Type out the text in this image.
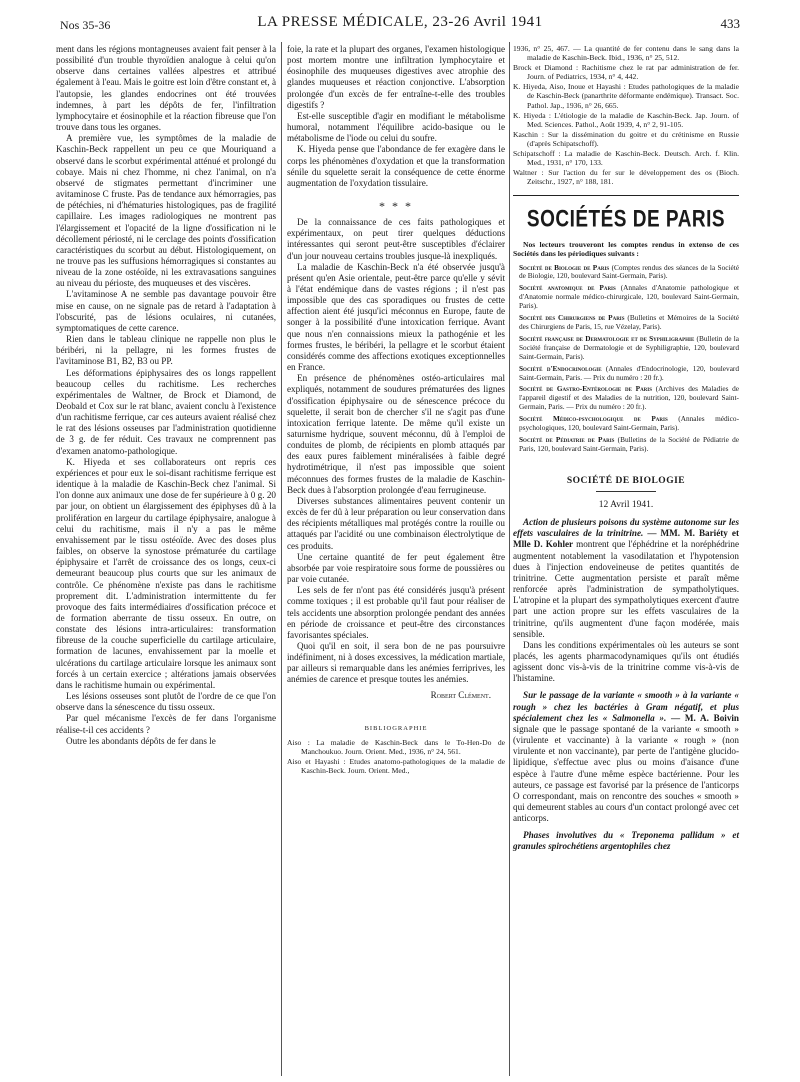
Nos 35-36	LA PRESSE MÉDICALE, 23-26 Avril 1941	433

ment dans les régions montagneuses avaient fait penser à la possibilité d'un trouble thyroïdien analogue à celui qu'on observe dans certaines vallées alpestres et attribué également à l'eau. Mais le goitre est loin d'être constant et, à l'autopsie, les glandes endocrines ont été trouvées indemnes, à part les dépôts de fer, l'infiltration lymphocytaire et éosinophile et la réaction fibreuse que l'on trouve dans tous les organes.

A première vue, les symptômes de la maladie de Kaschin-Beck rappellent un peu ce que Mouriquand a observé dans le scorbut expérimental atténué et prolongé du cobaye. Mais ni chez l'homme, ni chez l'animal, on n'a observé de stigmates permettant d'incriminer une avitaminose C fruste. Pas de tendance aux hémorragies, pas de pétéchies, ni d'hématuries histologiques, pas de fragilité capillaire. Les images radiologiques ne montrent pas l'élargissement et l'opacité de la ligne d'ossification ni le décollement périosté, ni le cerclage des points d'ossification caractéristiques du scorbut au début. Histologiquement, on ne trouve pas les suffusions hémorragiques si constantes au niveau de la zone ostéoïde, ni les extravasations sanguines au niveau du périoste, des muqueuses et des viscères.

L'avitaminose A ne semble pas davantage pouvoir être mise en cause, on ne signale pas de retard à l'adaptation à l'obscurité, pas de lésions oculaires, ni cutanées, symptomatiques de cette carence.

Rien dans le tableau clinique ne rappelle non plus le béribéri, ni la pellagre, ni les formes frustes de l'avitaminose B1, B2, B3 ou PP.

Les déformations épiphysaires des os longs rappellent beaucoup celles du rachitisme. Les recherches expérimentales de Waltner, de Brock et Diamond, de Deobald et Cox sur le rat blanc, avaient conclu à l'existence d'un rachitisme ferrique, car ces auteurs avaient réalisé chez le rat des lésions osseuses par l'administration quotidienne de 3 g. de fer réduit. Ces travaux ne comprennent pas d'examen anatomo-pathologique.

K. Hiyeda et ses collaborateurs ont repris ces expériences et pour eux le soi-disant rachitisme ferrique est identique à la maladie de Kaschin-Beck chez l'animal. Si l'on donne aux animaux une dose de fer supérieure à 0 g. 20 par jour, on obtient un élargissement des épiphyses dû à la prolifération en largeur du cartilage épiphysaire, analogue à celui du rachitisme, mais il n'y a pas le même envahissement par le tissu ostéoïde. Avec des doses plus faibles, on observe la synostose prématurée du cartilage épiphysaire et l'arrêt de croissance des os longs, ceux-ci demeurant beaucoup plus courts que sur les animaux de contrôle. Ce phénomène n'existe pas dans le rachitisme proprement dit. L'administration intermittente du fer provoque des faits intermédiaires d'ossification précoce et de formation aberrante de tissu osseux. En outre, on constate des lésions intra-articulaires: transformation fibreuse de la couche superficielle du cartilage articulaire, formation de lacunes, envahissement par la moelle et ulcérations du cartilage articulaire lorsque les animaux sont forcés à un certain exercice ; altérations jamais observées dans le rachitisme humain ou expérimental.

Les lésions osseuses sont plutôt de l'ordre de ce que l'on observe dans la sénescence du tissu osseux.

Par quel mécanisme l'excès de fer dans l'organisme réalise-t-il ces accidents ?

Outre les abondants dépôts de fer dans le

foie, la rate et la plupart des organes, l'examen histologique post mortem montre une infiltration lymphocytaire et éosinophile des muqueuses digestives avec atrophie des glandes muqueuses et réaction conjonctive. L'absorption prolongée d'un excès de fer entraîne-t-elle des troubles digestifs ?

Est-elle susceptible d'agir en modifiant le métabolisme humoral, notamment l'équilibre acido-basique ou le métabolisme de l'iode ou celui du soufre.

K. Hiyeda pense que l'abondance de fer exagère dans le corps les phénomènes d'oxydation et que la transformation sénile du squelette serait la conséquence de cette énorme augmentation de l'oxydation tissulaire.

* * *

De la connaissance de ces faits pathologiques et expérimentaux, on peut tirer quelques déductions intéressantes qui seront peut-être susceptibles d'éclairer d'un jour nouveau certains troubles jusque-là inexpliqués.

La maladie de Kaschin-Beck n'a été observée jusqu'à présent qu'en Asie orientale, peut-être parce qu'elle y sévit à l'état endémique dans de vastes régions ; il n'est pas impossible que des cas sporadiques ou frustes de cette affection aient été jusqu'ici méconnus en Europe, faute de songer à la possibilité d'une intoxication ferrique. Avant que nous n'en connaissions mieux la pathogénie et les formes frustes, le béribéri, la pellagre et le scorbut étaient considérés comme des affections exotiques exceptionnelles en France.

En présence de phénomènes ostéo-articulaires mal expliqués, notamment de soudures prématurées des lignes d'ossification épiphysaire ou de sénescence précoce du squelette, il serait bon de chercher s'il ne s'agit pas d'une intoxication ferrique latente. De même qu'il existe un saturnisme hydrique, souvent méconnu, dû à l'emploi de conduites de plomb, de récipients en plomb attaqués par des eaux pures faiblement minéralisées à faible degré hydrotimétrique, il n'est pas impossible que soient méconnues des formes frustes de la maladie de Kaschin-Beck dues à l'absorption prolongée d'eau ferrugineuse.

Diverses substances alimentaires peuvent contenir un excès de fer dû à leur préparation ou leur conservation dans des récipients métalliques mal protégés contre la rouille ou attaqués par l'acidité ou une combinaison électrolytique de ces produits.

Une certaine quantité de fer peut également être absorbée par voie respiratoire sous forme de poussières ou par voie cutanée.

Les sels de fer n'ont pas été considérés jusqu'à présent comme toxiques ; il est probable qu'il faut pour réaliser de tels accidents une absorption prolongée pendant des années en période de croissance et peut-être des circonstances favorisantes spéciales.

Quoi qu'il en soit, il sera bon de ne pas poursuivre indéfiniment, ni à doses excessives, la médication martiale, par ailleurs si remarquable dans les anémies ferriprives, les anémies de carence et presque toutes les anémies.

Robert Clément.
BIBLIOGRAPHIE

Aiso : La maladie de Kaschin-Beck dans le To-Hen-Do de Manchoukuo. Journ. Orient. Med., 1936, n° 24, 561.

Aiso et Hayashi : Etudes anatomo-pathologiques de la maladie de Kaschin-Beck. Journ. Orient. Med.,

1936, n° 25, 467. — La quantité de fer contenu dans le sang dans la maladie de Kaschin-Beck. Ibid., 1936, n° 25, 512.

Brock et Diamond : Rachitisme chez le rat par administration de fer. Journ. of Pediatrics, 1934, n° 4, 442.

K. Hiyeda, Aiso, Inoue et Hayashi : Etudes pathologiques de la maladie de Kaschin-Beck (panarthrite déformante endémique). Transact. Soc. Pathol. Jap., 1936, n° 26, 665.

K. Hiyeda : L'étiologie de la maladie de Kaschin-Beck. Jap. Journ. of Med. Sciences. Pathol., Août 1939, 4, n° 2, 91-105.

Kaschin : Sur la dissémination du goitre et du crétinisme en Russie (d'après Schipatschoff).

Schipatschoff : La maladie de Kaschin-Beck. Deutsch. Arch. f. Klin. Med., 1931, n° 170, 133.

Waltner : Sur l'action du fer sur le développement des os (Bioch. Zeitschr., 1927, n° 188, 181.

SOCIÉTÉS DE PARIS

Nos lecteurs trouveront les comptes rendus in extenso de ces Sociétés dans les périodiques suivants :

Société de Biologie de Paris (Comptes rendus des séances de la Société de Biologie, 120, boulevard Saint-Germain, Paris).

Société anatomique de Paris (Annales d'Anatomie pathologique et d'Anatomie normale médico-chirurgicale, 120, boulevard Saint-Germain, Paris).

Société des Chirurgiens de Paris (Bulletins et Mémoires de la Société des Chirurgiens de Paris, 15, rue Vézelay, Paris).

Société française de Dermatologie et de Syphiligraphie (Bulletin de la Société française de Dermatologie et de Syphiligraphie, 120, boulevard Saint-Germain, Paris).

Société d'Endocrinologie (Annales d'Endocrinologie, 120, boulevard Saint-Germain, Paris. — Prix du numéro : 20 fr.).

Société de Gastro-Entérologie de Paris (Archives des Maladies de l'appareil digestif et des Maladies de la nutrition, 120, boulevard Saint-Germain, Paris. — Prix du numéro : 20 fr.).

Société Médico-psychologique de Paris (Annales médico-psychologiques, 120, boulevard Saint-Germain, Paris).

Société de Pédiatrie de Paris (Bulletins de la Société de Pédiatrie de Paris, 120, boulevard Saint-Germain, Paris).

SOCIÉTÉ DE BIOLOGIE
12 Avril 1941.

Action de plusieurs poisons du système autonome sur les effets vasculaires de la trinitrine. — MM. M. Bariéty et Mlle D. Kohler montrent que l'éphédrine et la noréphédrine augmentent notablement la vasodilatation et l'hypotension dues à l'injection endoveineuse de petites quantités de trinitrine. Cette augmentation persiste et paraît même renforcée après l'administration de sympatholytiques. L'atropine et la plupart des sympatholytiques exercent d'autre part une action propre sur les effets vasculaires de la trinitrine, qu'ils augmentent d'une façon modérée, mais sensible.

Dans les conditions expérimentales où les auteurs se sont placés, les agents pharmacodynamiques qu'ils ont étudiés agissent donc vis-à-vis de la trinitrine comme vis-à-vis de l'histamine.

Sur le passage de la variante « smooth » à la variante « rough » chez les bactéries à Gram négatif, et plus spécialement chez les « Salmonella ». — M. A. Boivin signale que le passage spontané de la variante « smooth » (virulente et vaccinante) à la variante « rough » (non virulente et non vaccinante), par perte de l'antigène glucido-lipidique, s'effectue avec plus ou moins d'aisance d'une espèce à l'autre d'une même espèce bactérienne. Pour les auteurs, ce passage est favorisé par la présence de l'anticorps O correspondant, mais on rencontre des souches « smooth » qui demeurent stables au cours d'un contact prolongé avec cet anticorps.

Phases involutives du « Treponema pallidum » et granules spirochétiens argentophiles chez
